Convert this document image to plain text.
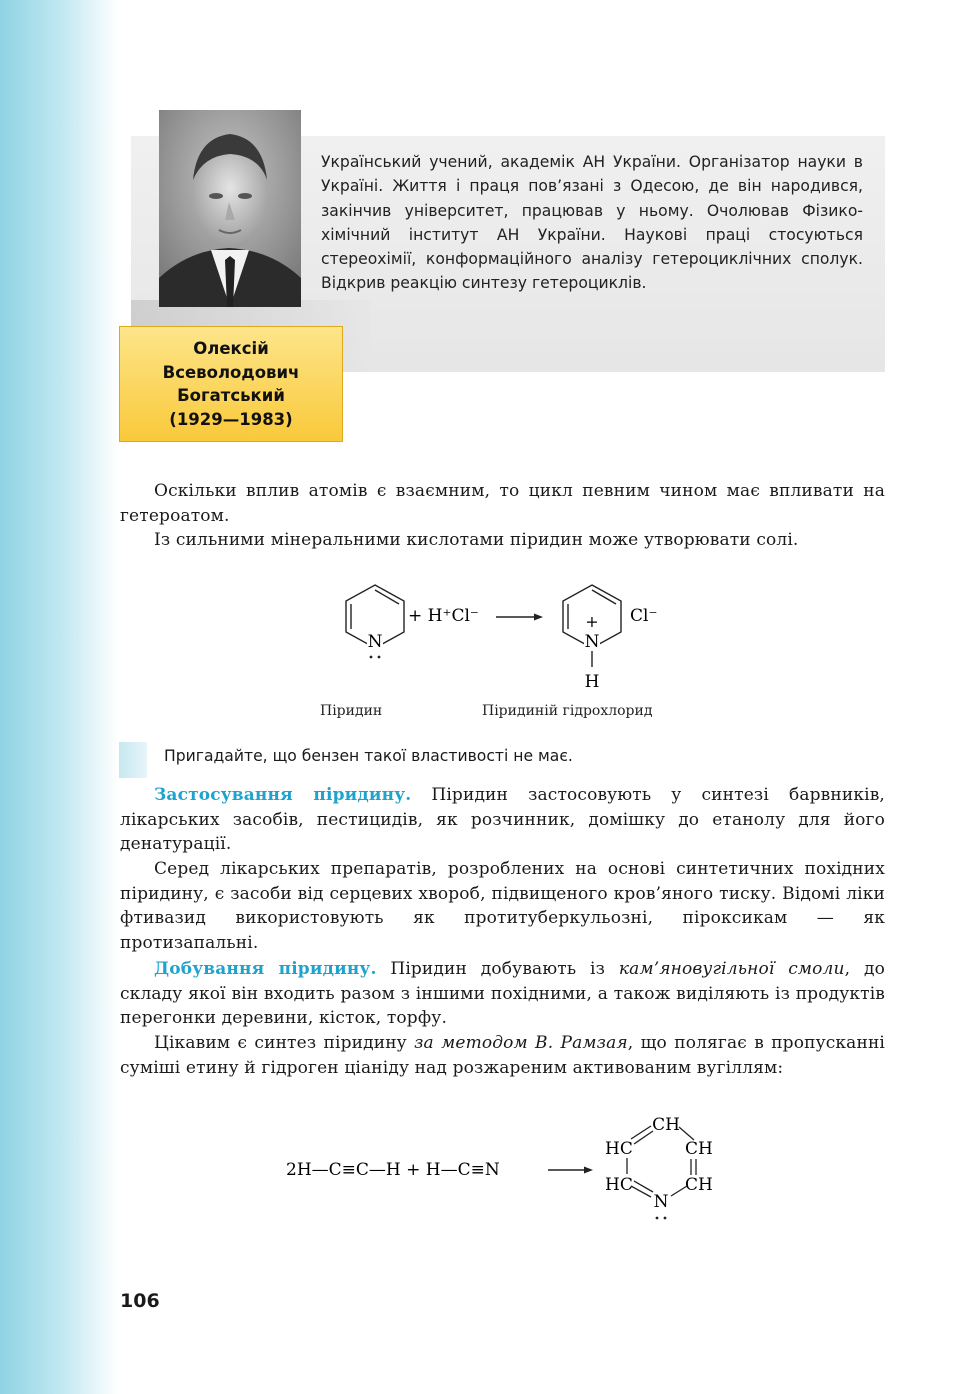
Український учений, академік АН України. Організатор науки в Україні. Життя і праця пов’язані з Одесою, де він народився, закінчив університет, працював у ньому. Очолював Фізико-хімічний інститут АН України. Наукові праці стосуються стереохімії, конформаційного аналізу гетероциклічних сполук. Відкрив реакцію синтезу гетероциклів.
Олексій
Всеволодович
Богатський
(1929—1983)
Оскільки вплив атомів є взаємним, то цикл певним чином має впливати на гетероатом.
Із сильними мінеральними кислотами піридин може утворювати солі.
N
+ H⁺Cl⁻	+
N
H
Cl⁻
Піридин	Піридиній гідрохлорид
Пригадайте, що бензен такої властивості не має.
Застосування піридину. Піридин застосовують у синтезі барвників, лікарських засобів, пестицидів, як розчинник, домішку до етанолу для його денатурації.
Серед лікарських препаратів, розроблених на основі синтетичних похідних піридину, є засоби від серцевих хвороб, підвищеного кров’яного тиску. Відомі ліки фтивазид використовують як протитуберкульозні, піроксикам — як протизапальні.
Добування піридину. Піридин добувають із кам’яновугільної смоли, до складу якої він входить разом з іншими похідними, а також виділяють із продуктів перегонки деревини, кісток, торфу.
Цікавим є синтез піридину за методом В. Рамзая, що полягає в пропусканні суміші етину й гідроген ціаніду над розжареним активованим вугіллям:
2H—C≡C—H + H—C≡N
CH
HC	CH
HC	CH
N
106
